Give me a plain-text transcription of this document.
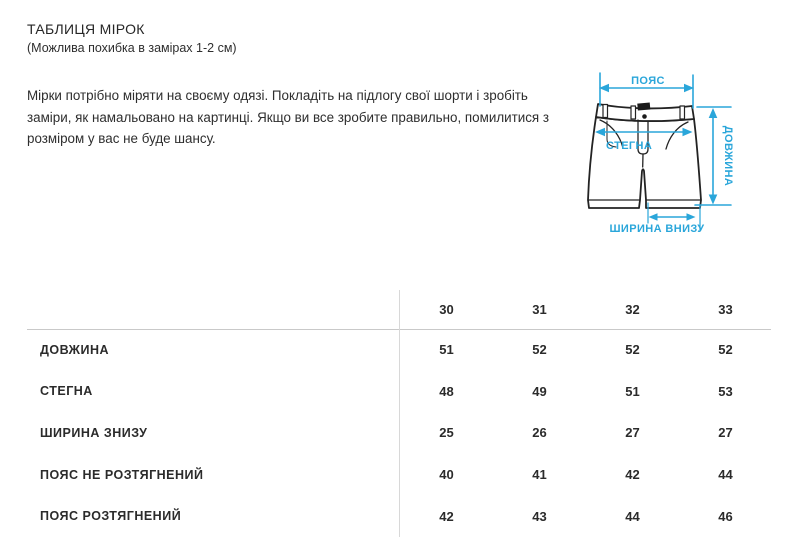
ТАБЛИЦЯ МІРОК
(Можлива похибка в замірах 1-2 см)

Мірки потрібно міряти на своєму одязі. Покладіть на підлогу свої шорти і зробіть заміри, як намальовано на картинці. Якщо ви все зробите правильно, помилитися з розміром у вас не буде шансу.

ПОЯС
СТЕГНА	ДОВЖИНА
ШИРИНА ВНИЗУ
30	31	32	33
ДОВЖИНА	51	52	52	52
СТЕГНА	48	49	51	53
ШИРИНА ЗНИЗУ	25	26	27	27
ПОЯС НЕ РОЗТЯГНЕНИЙ	40	41	42	44
ПОЯС РОЗТЯГНЕНИЙ	42	43	44	46
